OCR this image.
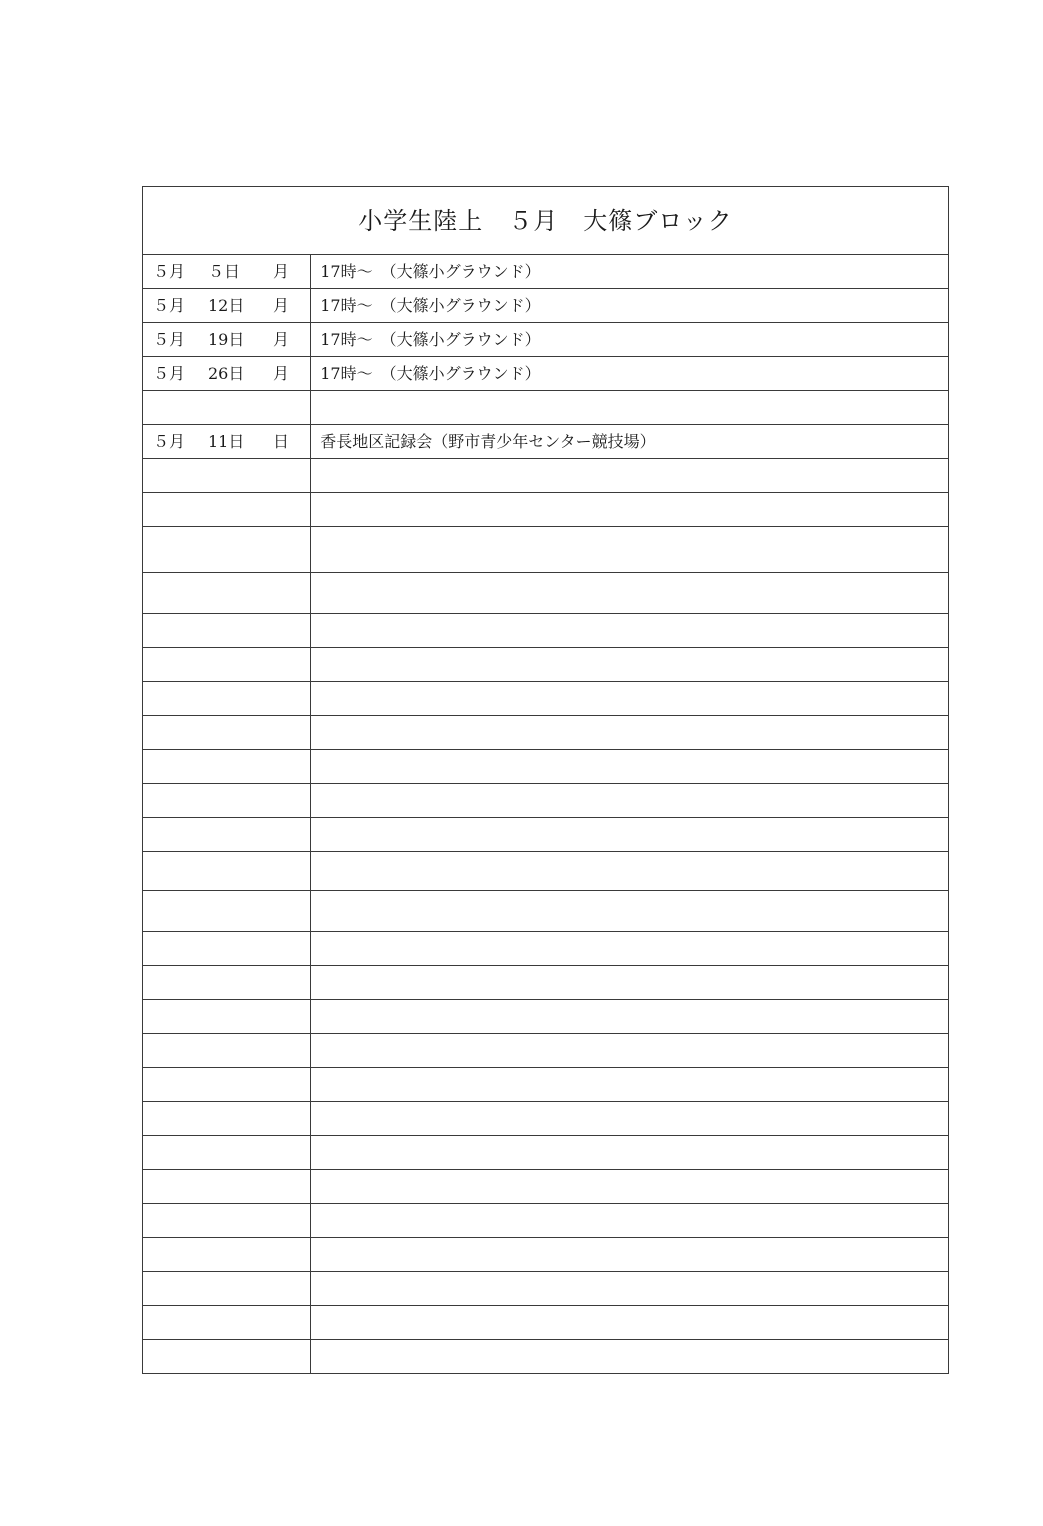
小学生陸上　５月　大篠ブロック	

５月 ５日 月	17時～　（大篠小グラウンド）

５月 12日 月	17時～　（大篠小グラウンド）

５月 19日 月	17時～　（大篠小グラウンド）

５月 26日 月	17時～　（大篠小グラウンド）

５月 11日 日	香長地区記録会（野市青少年センター競技場）
